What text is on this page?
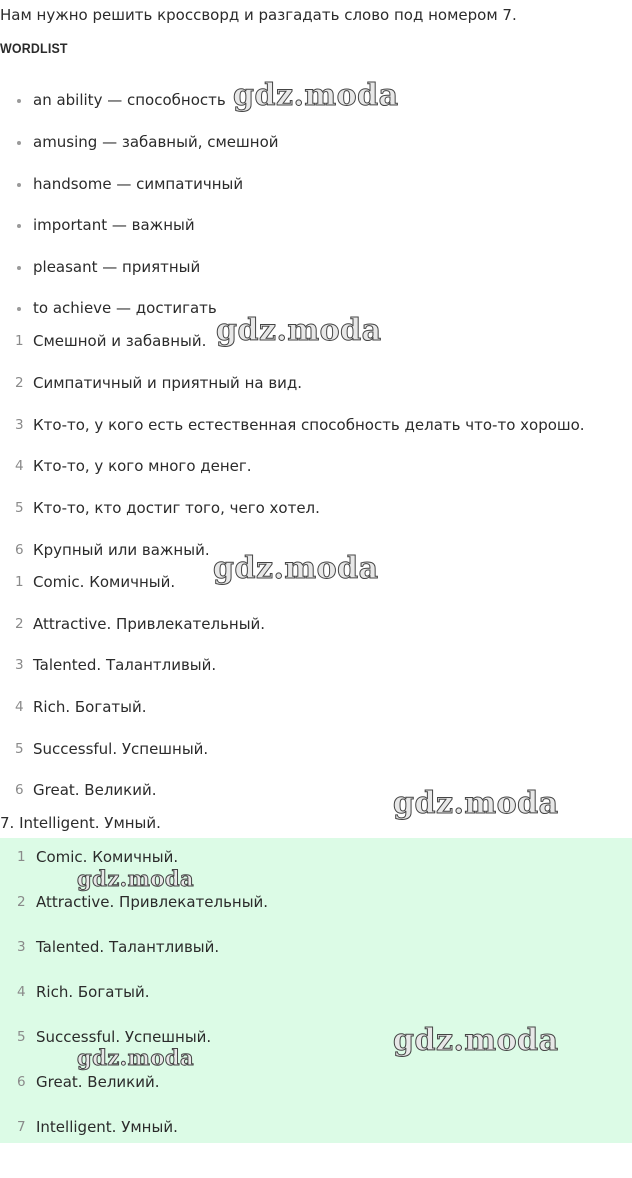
Нам нужно решить кроссворд и разгадать слово под номером 7.
WORDLIST
an ability — способность
amusing — забавный, смешной
handsome — симпатичный
important — важный
pleasant — приятный
to achieve — достигать
1 Смешной и забавный.
2 Симпатичный и приятный на вид.
3 Кто-то, у кого есть естественная способность делать что-то хорошо.
4 Кто-то, у кого много денег.
5 Кто-то, кто достиг того, чего хотел.
6 Крупный или важный.
1 Comic. Комичный.
2 Attractive. Привлекательный.
3 Talented. Талантливый.
4 Rich. Богатый.
5 Successful. Успешный.
6 Great. Великий.
7. Intelligent. Умный.
1 Comic. Комичный.
2 Attractive. Привлекательный.
3 Talented. Талантливый.
4 Rich. Богатый.
5 Successful. Успешный.
6 Great. Великий.
7 Intelligent. Умный.
gdz.moda
gdz.moda
gdz.moda
gdz.moda
gdz.moda
gdz.moda
gdz.moda
